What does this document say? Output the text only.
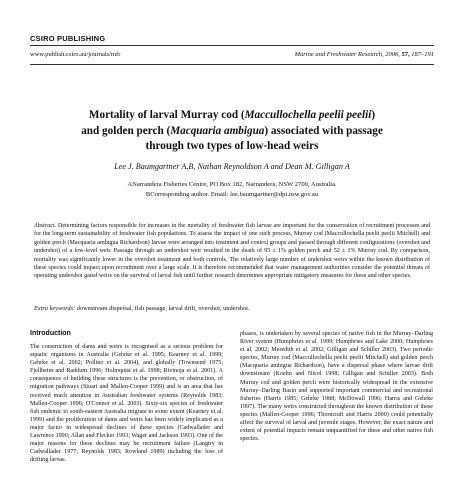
CSIRO PUBLISHING
www.publish.csiro.au/journals/mfr	Marine and Freshwater Research, 2006, 57, 187–191
Mortality of larval Murray cod (Maccullochella peelii peelii)
and golden perch (Macquaria ambigua) associated with passage
through two types of low-head weirs
Lee J. Baumgartner A,B, Nathan Reynoldson A and Dean M. Gilligan A
ANarrandera Fisheries Centre, PO Box 182, Narrandera, NSW 2700, Australia.
BCorresponding author. Email: lee.baumgartner@dpi.nsw.gov.au
Abstract. Determining factors responsible for increases in the mortality of freshwater fish larvae are important for the conservation of recruitment processes and for the long-term sustainability of freshwater fish populations. To assess the impact of one such process, Murray cod (Maccullochella peelii peelii Mitchell) and golden perch (Macquaria ambigua Richardson) larvae were arranged into treatment and control groups and passed through different configurations (overshot and undershot) of a low-level weir. Passage through an undershot weir resulted in the death of 95 ± 1% golden perch and 52 ± 1% Murray cod. By comparison, mortality was significantly lower in the overshot treatment and both controls. The relatively large number of undershot weirs within the known distribution of these species could impact upon recruitment over a large scale. It is therefore recommended that water management authorities consider the potential threats of operating undershot gated weirs on the survival of larval fish until further research determines appropriate mitigatory measures for these and other species.
Extra keywords: downstream dispersal, fish passage, larval drift, overshot, undershot.
Introduction
The construction of dams and weirs is recognised as a serious problem for aquatic organisms in Australia (Gehrke et al. 1995; Kearney et al. 1999; Gehrke et al. 2002; Pollino et al. 2004), and globally (Townsend 1975; Fjellheim and Raddum 1996; Holmquist et al. 1998; Rivinoja et al. 2001). A consequence of building these structures is the prevention, or obstruction, of migration pathways (Stuart and Mallen-Cooper 1999) and is an area that has received much attention in Australian freshwater systems (Reynolds 1983; Mallen-Cooper 1996; O'Connor et al. 2003). Sixty-six species of freshwater fish endemic to south-eastern Australia migrate to some extent (Kearney et al. 1999) and the proliferation of dams and weirs has been widely implicated as a major factor in widespread declines of these species (Cadwallader and Lawrence 1990; Allan and Flecker 1993; Wager and Jackson 1993). One of the major reasons for these declines may be recruitment failure (Langtry in Cadwallader 1977; Reynolds 1983; Rowland 1989) including the loss of drifting larvae.
phases, is undertaken by several species of native fish in the Murray–Darling River system (Humphries et al. 1999; Humphries and Lake 2000; Humphries et al. 2002; Meredith et al. 2002; Gilligan and Schiller 2003). Two periodic species, Murray cod (Maccullochella peelii peelii Mitchell) and golden perch (Macquaria ambigua Richardson), have a dispersal phase where larvae drift downstream (Koehn and Nicol 1998; Gilligan and Schiller 2003). Both Murray cod and golden perch were historically widespread in the extensive Murray–Darling Basin and supported important commercial and recreational fisheries (Harris 1985; Gehrke 1988; McDowall 1996; Harris and Gehrke 1997). The many weirs constructed throughout the known distribution of these species (Mallen-Cooper 1996; Thorncraft and Harris 2000) could potentially affect the survival of larval and juvenile stages. However, the exact nature and extent of potential impacts remain unquantified for these and other native fish species.
